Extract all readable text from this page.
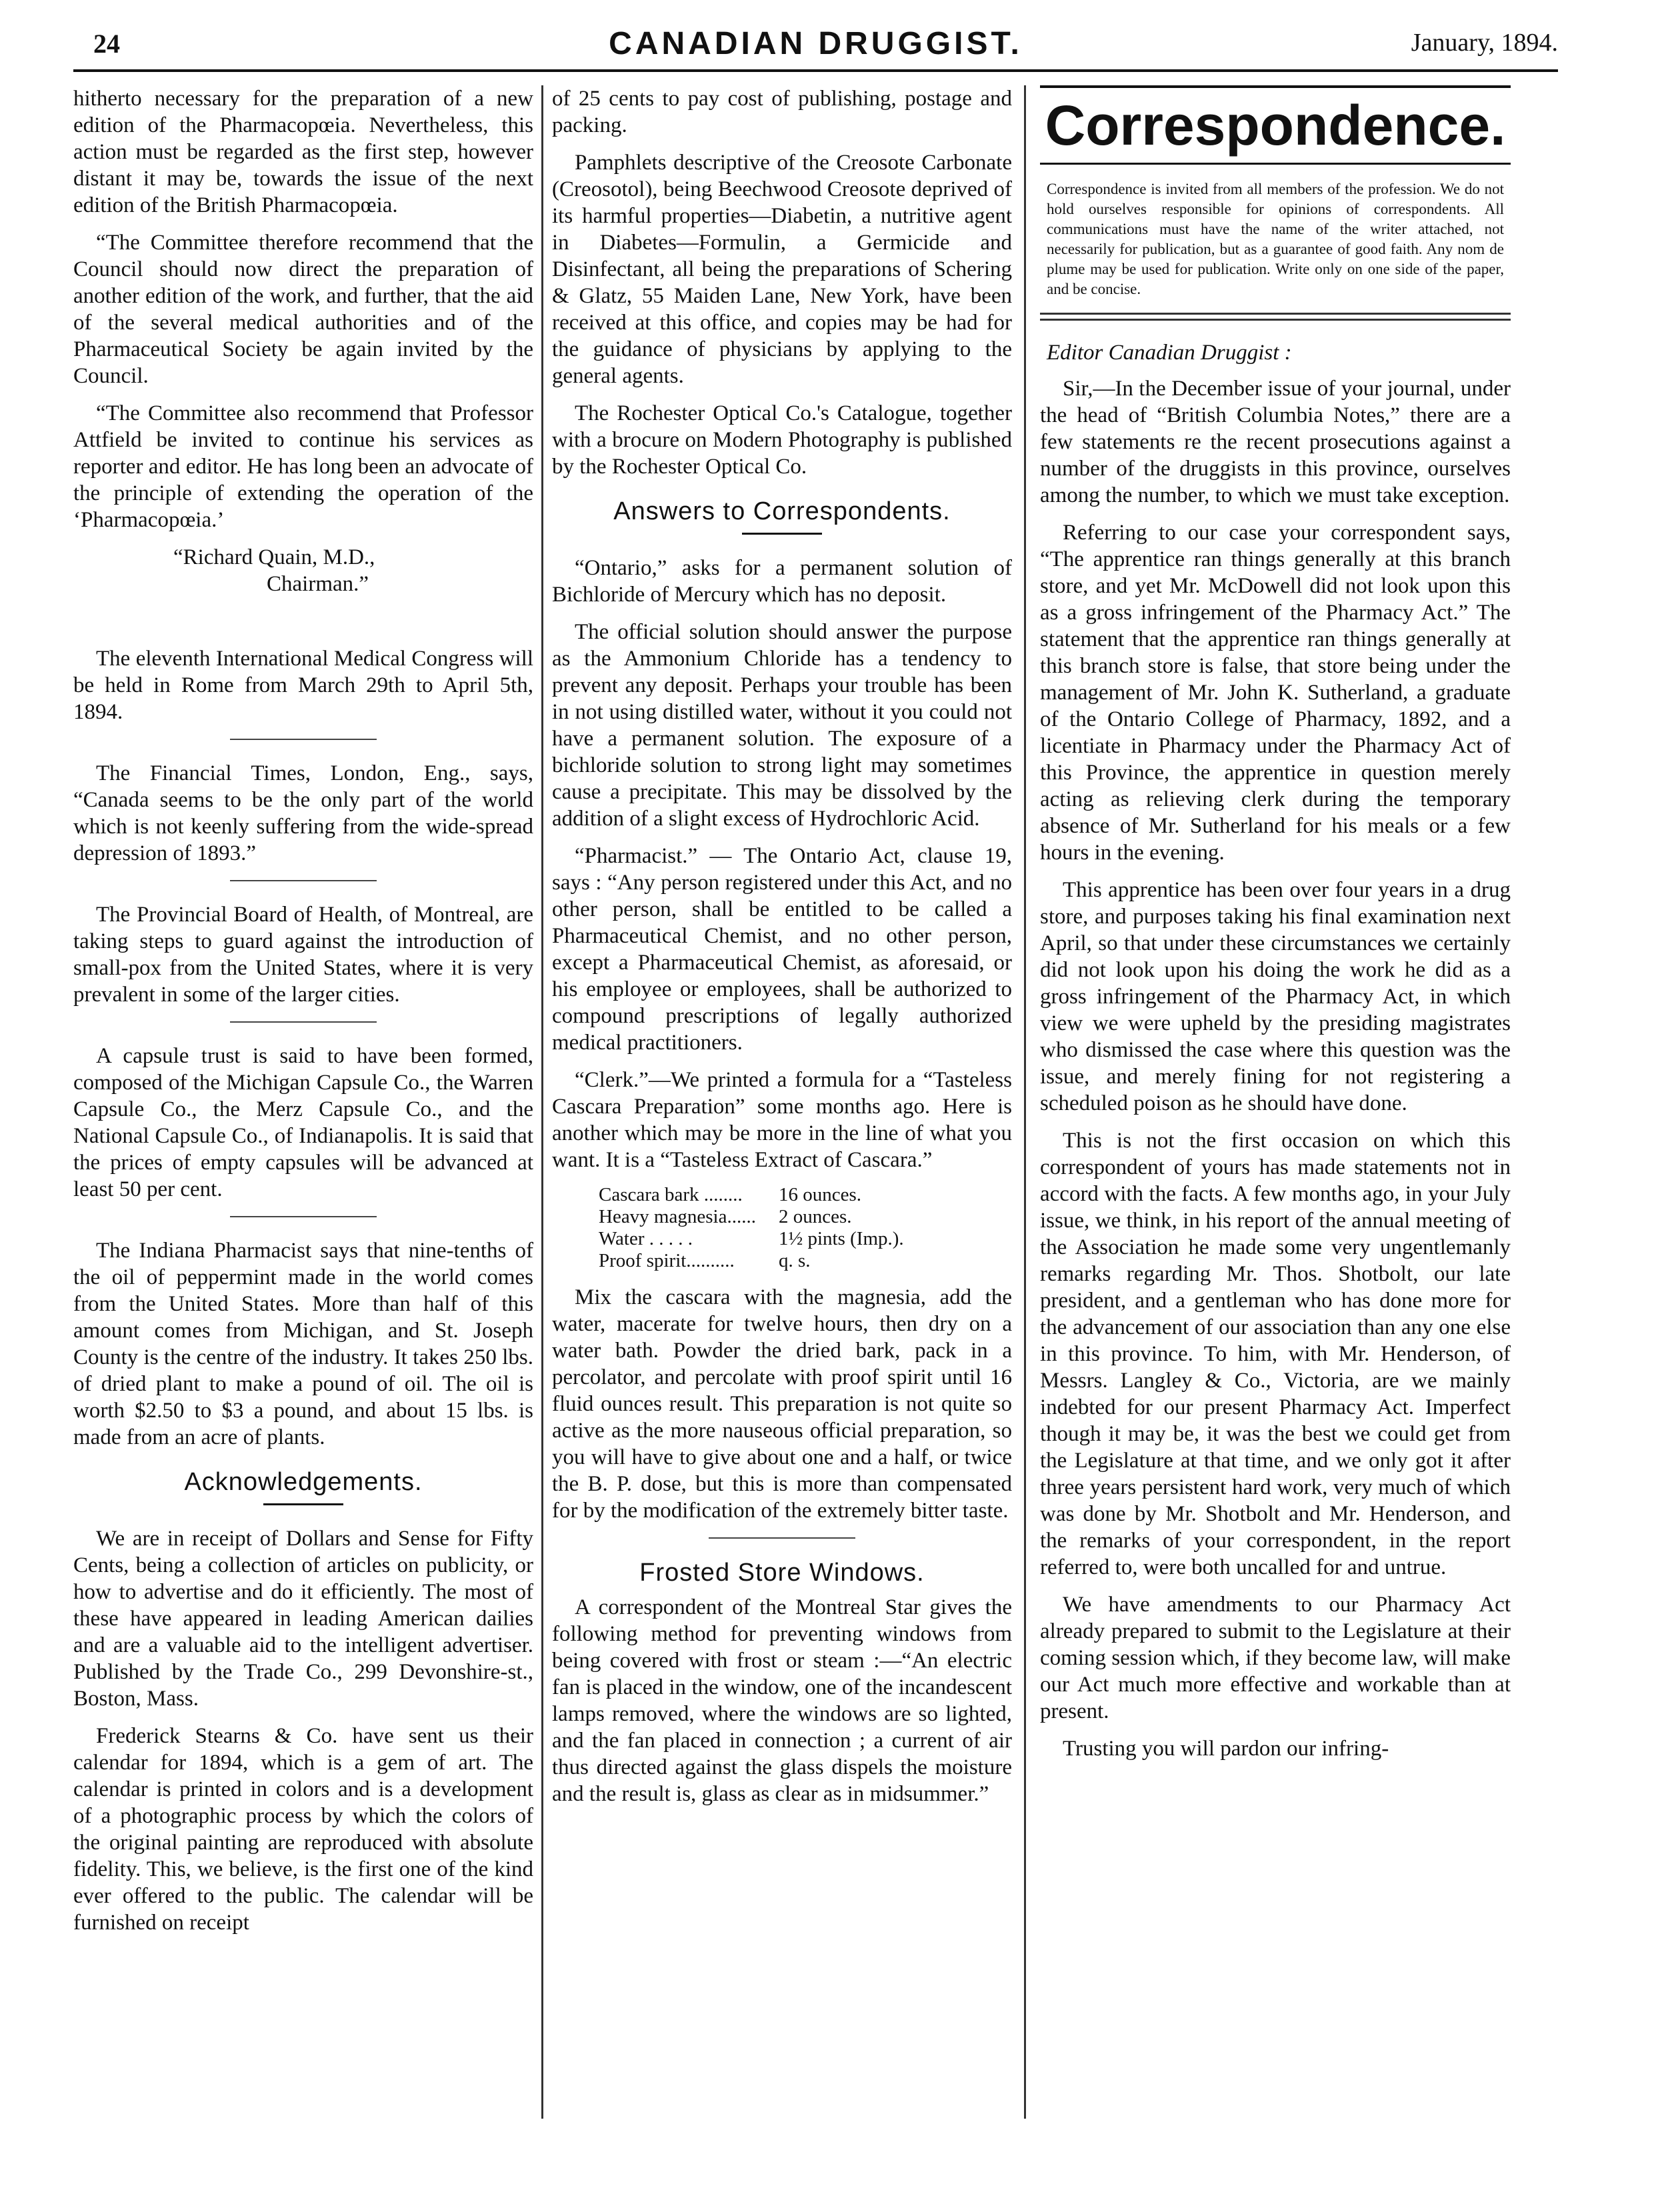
24	CANADIAN DRUGGIST.	January, 1894.

hitherto necessary for the preparation of a new edition of the Pharmacopœia. Nevertheless, this action must be regarded as the first step, however distant it may be, towards the issue of the next edition of the British Pharmacopœia.

“The Committee therefore recommend that the Council should now direct the preparation of another edition of the work, and further, that the aid of the several medical authorities and of the Pharmaceutical Society be again invited by the Council.

“The Committee also recommend that Professor Attfield be invited to continue his services as reporter and editor. He has long been an advocate of the principle of extending the operation of the ‘Pharmacopœia.’

“Richard Quain, M.D.,
Chairman.”

The eleventh International Medical Congress will be held in Rome from March 29th to April 5th, 1894.

The Financial Times, London, Eng., says, “Canada seems to be the only part of the world which is not keenly suffering from the wide-spread depression of 1893.”

The Provincial Board of Health, of Montreal, are taking steps to guard against the introduction of small-pox from the United States, where it is very prevalent in some of the larger cities.

A capsule trust is said to have been formed, composed of the Michigan Capsule Co., the Warren Capsule Co., the Merz Capsule Co., and the National Capsule Co., of Indianapolis. It is said that the prices of empty capsules will be advanced at least 50 per cent.

The Indiana Pharmacist says that nine-tenths of the oil of peppermint made in the world comes from the United States. More than half of this amount comes from Michigan, and St. Joseph County is the centre of the industry. It takes 250 lbs. of dried plant to make a pound of oil. The oil is worth $2.50 to $3 a pound, and about 15 lbs. is made from an acre of plants.

Acknowledgements.

We are in receipt of Dollars and Sense for Fifty Cents, being a collection of articles on publicity, or how to advertise and do it efficiently. The most of these have appeared in leading American dailies and are a valuable aid to the intelligent advertiser. Published by the Trade Co., 299 Devonshire-st., Boston, Mass.

Frederick Stearns & Co. have sent us their calendar for 1894, which is a gem of art. The calendar is printed in colors and is a development of a photographic process by which the colors of the original painting are reproduced with absolute fidelity. This, we believe, is the first one of the kind ever offered to the public. The calendar will be furnished on receipt

of 25 cents to pay cost of publishing, postage and packing.

Pamphlets descriptive of the Creosote Carbonate (Creosotol), being Beechwood Creosote deprived of its harmful properties—Diabetin, a nutritive agent in Diabetes—Formulin, a Germicide and Disinfectant, all being the preparations of Schering & Glatz, 55 Maiden Lane, New York, have been received at this office, and copies may be had for the guidance of physicians by applying to the general agents.

The Rochester Optical Co.'s Catalogue, together with a brocure on Modern Photography is published by the Rochester Optical Co.

Answers to Correspondents.

“Ontario,” asks for a permanent solution of Bichloride of Mercury which has no deposit.

The official solution should answer the purpose as the Ammonium Chloride has a tendency to prevent any deposit. Perhaps your trouble has been in not using distilled water, without it you could not have a permanent solution. The exposure of a bichloride solution to strong light may sometimes cause a precipitate. This may be dissolved by the addition of a slight excess of Hydrochloric Acid.

“Pharmacist.” — The Ontario Act, clause 19, says : “Any person registered under this Act, and no other person, shall be entitled to be called a Pharmaceutical Chemist, and no other person, except a Pharmaceutical Chemist, as aforesaid, or his employee or employees, shall be authorized to compound prescriptions of legally authorized medical practitioners.

“Clerk.”—We printed a formula for a “Tasteless Cascara Preparation” some months ago. Here is another which may be more in the line of what you want. It is a “Tasteless Extract of Cascara.”

Cascara bark ........	16 ounces.
Heavy magnesia......	2 ounces.
Water . . . . .	1½ pints (Imp.).
Proof spirit..........	q. s.

Mix the cascara with the magnesia, add the water, macerate for twelve hours, then dry on a water bath. Powder the dried bark, pack in a percolator, and percolate with proof spirit until 16 fluid ounces result. This preparation is not quite so active as the more nauseous official preparation, so you will have to give about one and a half, or twice the B. P. dose, but this is more than compensated for by the modification of the extremely bitter taste.

Frosted Store Windows.

A correspondent of the Montreal Star gives the following method for preventing windows from being covered with frost or steam :—“An electric fan is placed in the window, one of the incandescent lamps removed, where the windows are so lighted, and the fan placed in connection ; a current of air thus directed against the glass dispels the moisture and the result is, glass as clear as in midsummer.”

Correspondence.
Correspondence is invited from all members of the profession. We do not hold ourselves responsible for opinions of correspondents. All communications must have the name of the writer attached, not necessarily for publication, but as a guarantee of good faith. Any nom de plume may be used for publication. Write only on one side of the paper, and be concise.
Editor Canadian Druggist :

Sir,—In the December issue of your journal, under the head of “British Columbia Notes,” there are a few statements re the recent prosecutions against a number of the druggists in this province, ourselves among the number, to which we must take exception.

Referring to our case your correspondent says, “The apprentice ran things generally at this branch store, and yet Mr. McDowell did not look upon this as a gross infringement of the Pharmacy Act.” The statement that the apprentice ran things generally at this branch store is false, that store being under the management of Mr. John K. Sutherland, a graduate of the Ontario College of Pharmacy, 1892, and a licentiate in Pharmacy under the Pharmacy Act of this Province, the apprentice in question merely acting as relieving clerk during the temporary absence of Mr. Sutherland for his meals or a few hours in the evening.

This apprentice has been over four years in a drug store, and purposes taking his final examination next April, so that under these circumstances we certainly did not look upon his doing the work he did as a gross infringement of the Pharmacy Act, in which view we were upheld by the presiding magistrates who dismissed the case where this question was the issue, and merely fining for not registering a scheduled poison as he should have done.

This is not the first occasion on which this correspondent of yours has made statements not in accord with the facts. A few months ago, in your July issue, we think, in his report of the annual meeting of the Association he made some very ungentlemanly remarks regarding Mr. Thos. Shotbolt, our late president, and a gentleman who has done more for the advancement of our association than any one else in this province. To him, with Mr. Henderson, of Messrs. Langley & Co., Victoria, are we mainly indebted for our present Pharmacy Act. Imperfect though it may be, it was the best we could get from the Legislature at that time, and we only got it after three years persistent hard work, very much of which was done by Mr. Shotbolt and Mr. Henderson, and the remarks of your correspondent, in the report referred to, were both uncalled for and untrue.

We have amendments to our Pharmacy Act already prepared to submit to the Legislature at their coming session which, if they become law, will make our Act much more effective and workable than at present.

Trusting you will pardon our infring-
